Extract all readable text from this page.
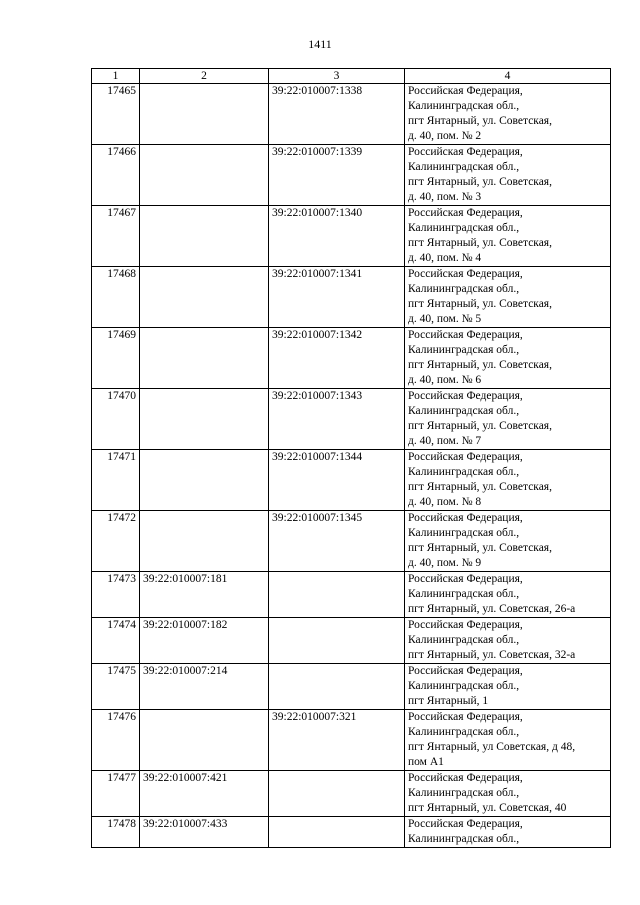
1411
1	2	3	4
17465		39:22:010007:1338	Российская Федерация,
Калининградская обл.,
пгт Янтарный, ул. Советская,
д. 40, пом. № 2
17466		39:22:010007:1339	Российская Федерация,
Калининградская обл.,
пгт Янтарный, ул. Советская,
д. 40, пом. № 3
17467		39:22:010007:1340	Российская Федерация,
Калининградская обл.,
пгт Янтарный, ул. Советская,
д. 40, пом. № 4
17468		39:22:010007:1341	Российская Федерация,
Калининградская обл.,
пгт Янтарный, ул. Советская,
д. 40, пом. № 5
17469		39:22:010007:1342	Российская Федерация,
Калининградская обл.,
пгт Янтарный, ул. Советская,
д. 40, пом. № 6
17470		39:22:010007:1343	Российская Федерация,
Калининградская обл.,
пгт Янтарный, ул. Советская,
д. 40, пом. № 7
17471		39:22:010007:1344	Российская Федерация,
Калининградская обл.,
пгт Янтарный, ул. Советская,
д. 40, пом. № 8
17472		39:22:010007:1345	Российская Федерация,
Калининградская обл.,
пгт Янтарный, ул. Советская,
д. 40, пом. № 9
17473	39:22:010007:181		Российская Федерация,
Калининградская обл.,
пгт Янтарный, ул. Советская, 26-а
17474	39:22:010007:182		Российская Федерация,
Калининградская обл.,
пгт Янтарный, ул. Советская, 32-а
17475	39:22:010007:214		Российская Федерация,
Калининградская обл.,
пгт Янтарный, 1
17476		39:22:010007:321	Российская Федерация,
Калининградская обл.,
пгт Янтарный, ул Советская, д 48,
пом А1
17477	39:22:010007:421		Российская Федерация,
Калининградская обл.,
пгт Янтарный, ул. Советская, 40
17478	39:22:010007:433		Российская Федерация,
Калининградская обл.,
